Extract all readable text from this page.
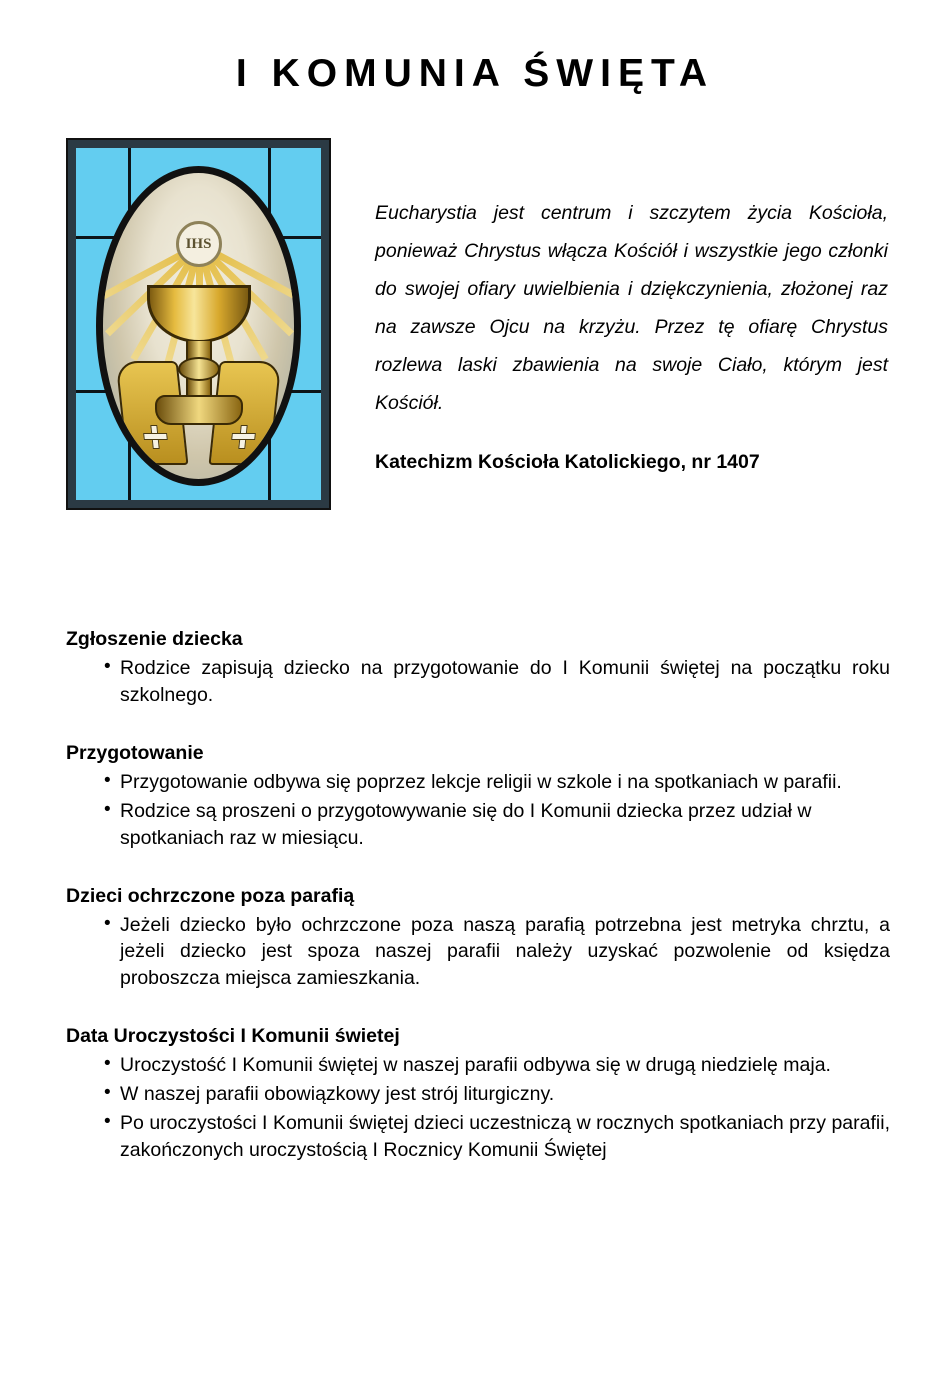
I KOMUNIA ŚWIĘTA
IHS

Eucharystia jest centrum i szczytem życia Kościoła, ponieważ Chrystus włącza Kościół i wszystkie jego członki do swojej ofiary uwielbienia i dziękczynienia, złożonej raz na zawsze Ojcu na krzyżu. Przez tę ofiarę Chrystus rozlewa laski zbawienia na swoje Ciało, którym jest Kościół.

Katechizm Kościoła Katolickiego, nr 1407

Zgłoszenie dziecka
• Rodzice zapisują dziecko na przygotowanie do I Komunii świętej na początku roku szkolnego.
Przygotowanie
• Przygotowanie odbywa się poprzez lekcje religii w szkole i na spotkaniach w parafii.
• Rodzice są proszeni o przygotowywanie się do I Komunii dziecka przez udział w spotkaniach raz w miesiącu.
Dzieci ochrzczone poza parafią
• Jeżeli dziecko było ochrzczone poza naszą parafią potrzebna jest metryka chrztu, a jeżeli dziecko jest spoza naszej parafii należy uzyskać pozwolenie od księdza proboszcza miejsca zamieszkania.
Data Uroczystości I Komunii świetej
• Uroczystość I Komunii świętej w naszej parafii odbywa się w drugą niedzielę maja.
• W naszej parafii obowiązkowy jest strój liturgiczny.
• Po uroczystości I Komunii świętej dzieci uczestniczą w rocznych spotkaniach przy parafii, zakończonych uroczystością I Rocznicy Komunii Świętej
